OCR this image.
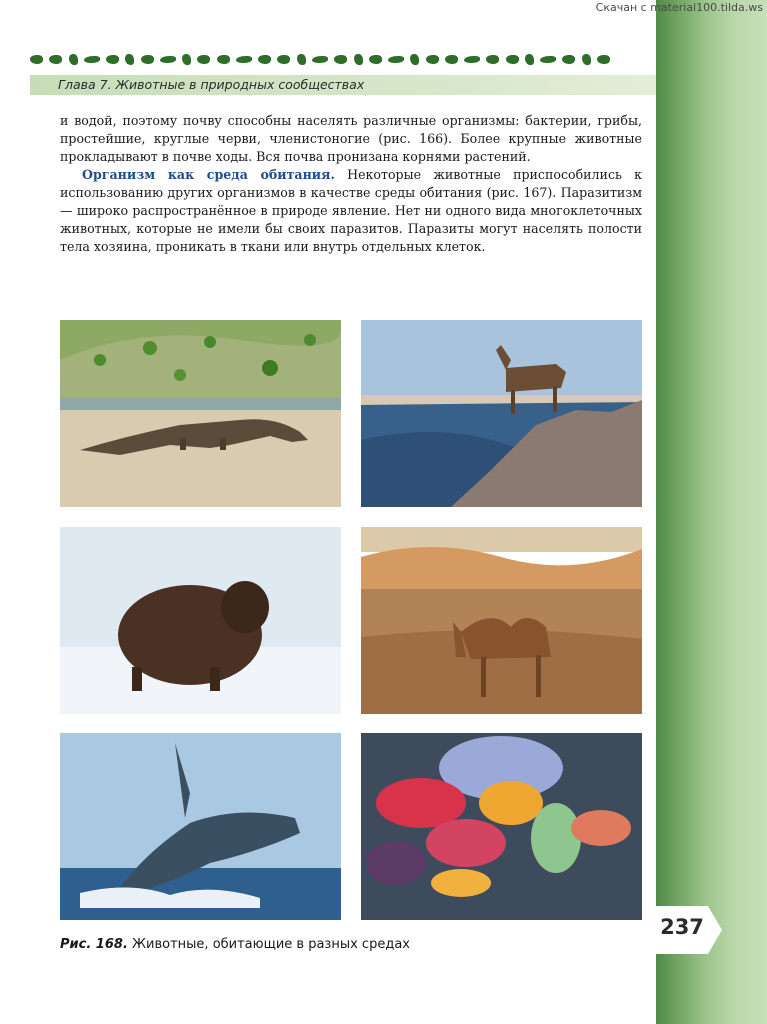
Скачан с material100.tilda.ws
Глава 7. Животные в природных сообществах

и водой, поэтому почву способны населять различные организмы: бактерии, грибы, простейшие, круглые черви, членистоногие (рис. 166). Более крупные животные прокладывают в почве ходы. Вся почва пронизана корнями растений.

Организм как среда обитания. Некоторые животные приспособились к использованию других организмов в качестве среды обитания (рис. 167). Паразитизм — широко распространённое в природе явление. Нет ни одного вида многоклеточных животных, которые не имели бы своих паразитов. Паразиты могут населять полости тела хозяина, проникать в ткани или внутрь отдельных клеток.

Рис. 168. Животные, обитающие в разных средах
237
